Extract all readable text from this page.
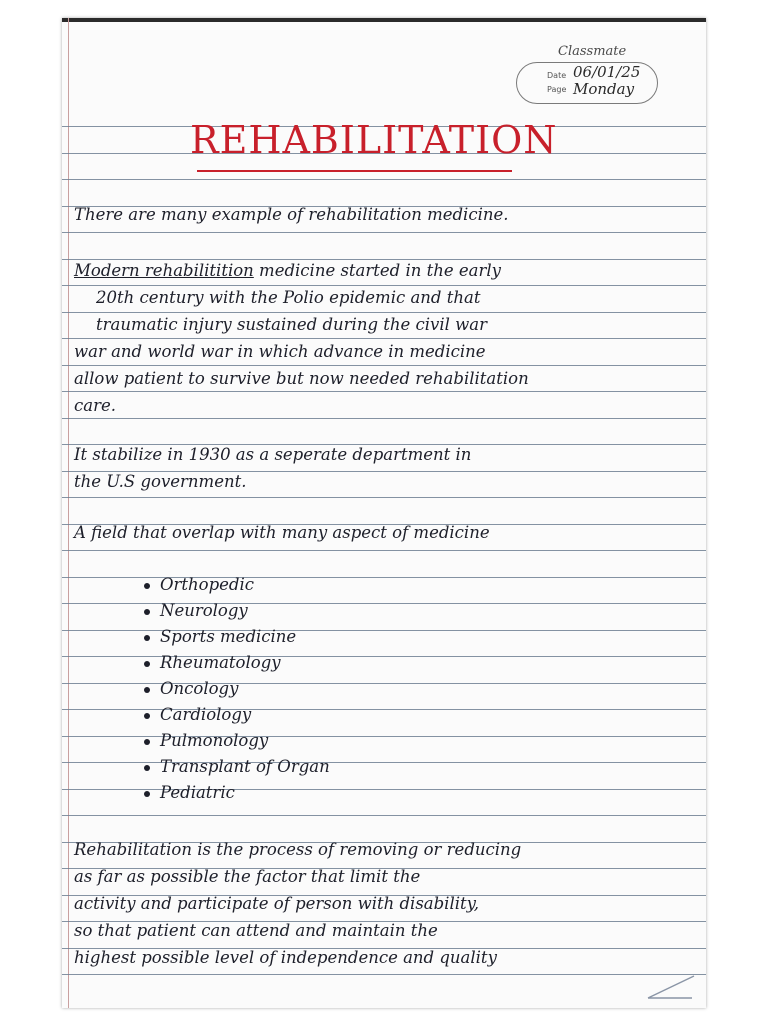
Classmate
Date 06/01/25
Page Monday
REHABILITATION
There are many example of rehabilitation medicine.
Modern rehabilitition medicine started in the early
20th century with the Polio epidemic and that
traumatic injury sustained during the civil war
war and world war in which advance in medicine
allow patient to survive but now needed rehabilitation
care.
It stabilize in 1930 as a seperate department in
the U.S government.
A field that overlap with many aspect of medicine
Orthopedic
Neurology
Sports medicine
Rheumatology
Oncology
Cardiology
Pulmonology
Transplant of Organ
Pediatric
Rehabilitation is the process of removing or reducing
as far as possible the factor that limit the
activity and participate of person with disability,
so that patient can attend and maintain the
highest possible level of independence and quality
